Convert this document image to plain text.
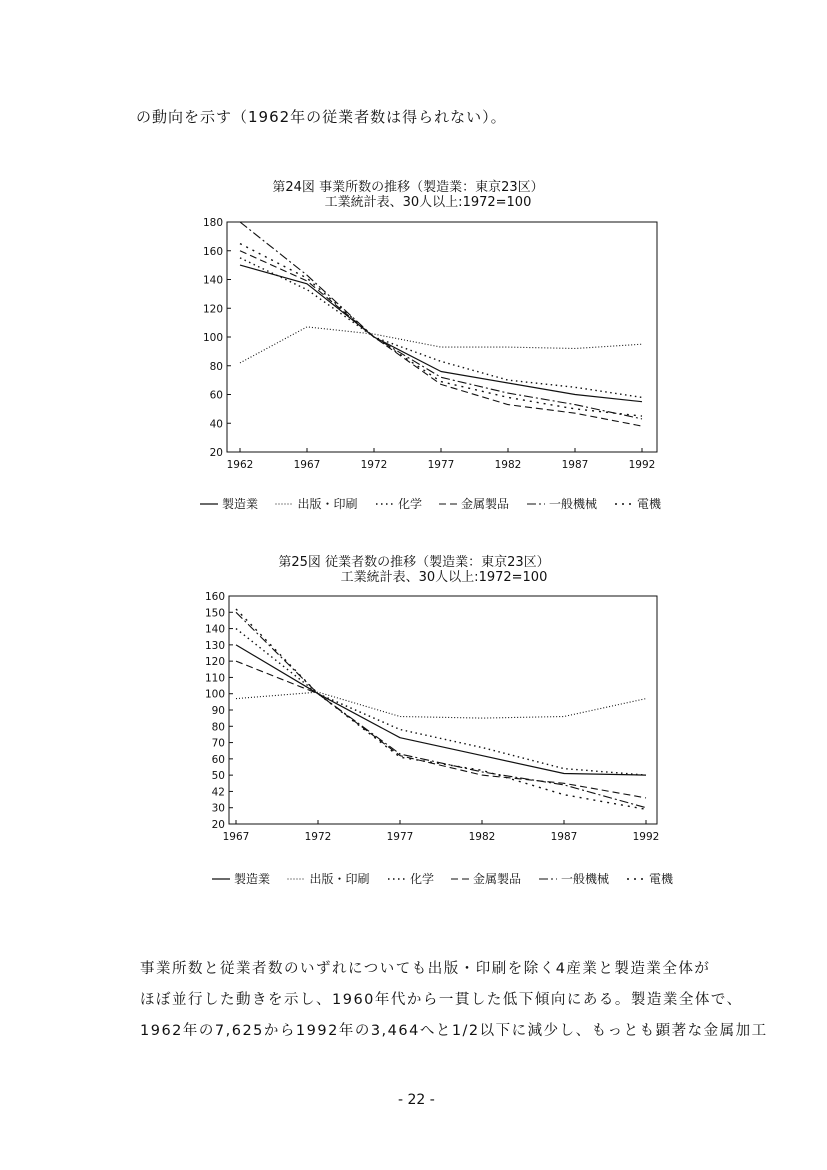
の動向を示す（1962年の従業者数は得られない）。

第24図 事業所数の推移（製造業：東京23区）
工業統計表、30人以上:1972=100
20
40
60
80
100
120
140
160
180
1962	1967	1972	1977	1982	1987	1992
製造業	出版・印刷	化学	金属製品	一般機械	電機
第25図 従業者数の推移（製造業：東京23区）
工業統計表、30人以上:1972=100
20
30
42
50
60
70
80
90
100
110
120
130
140
150
160
1967	1972	1977	1982	1987	1992
製造業	出版・印刷	化学	金属製品	一般機械	電機

事業所数と従業者数のいずれについても出版・印刷を除く4産業と製造業全体が

ほぼ並行した動きを示し、1960年代から一貫した低下傾向にある。製造業全体で、

1962年の7,625から1992年の3,464へと1/2以下に減少し、もっとも顕著な金属加工

- 22 -
